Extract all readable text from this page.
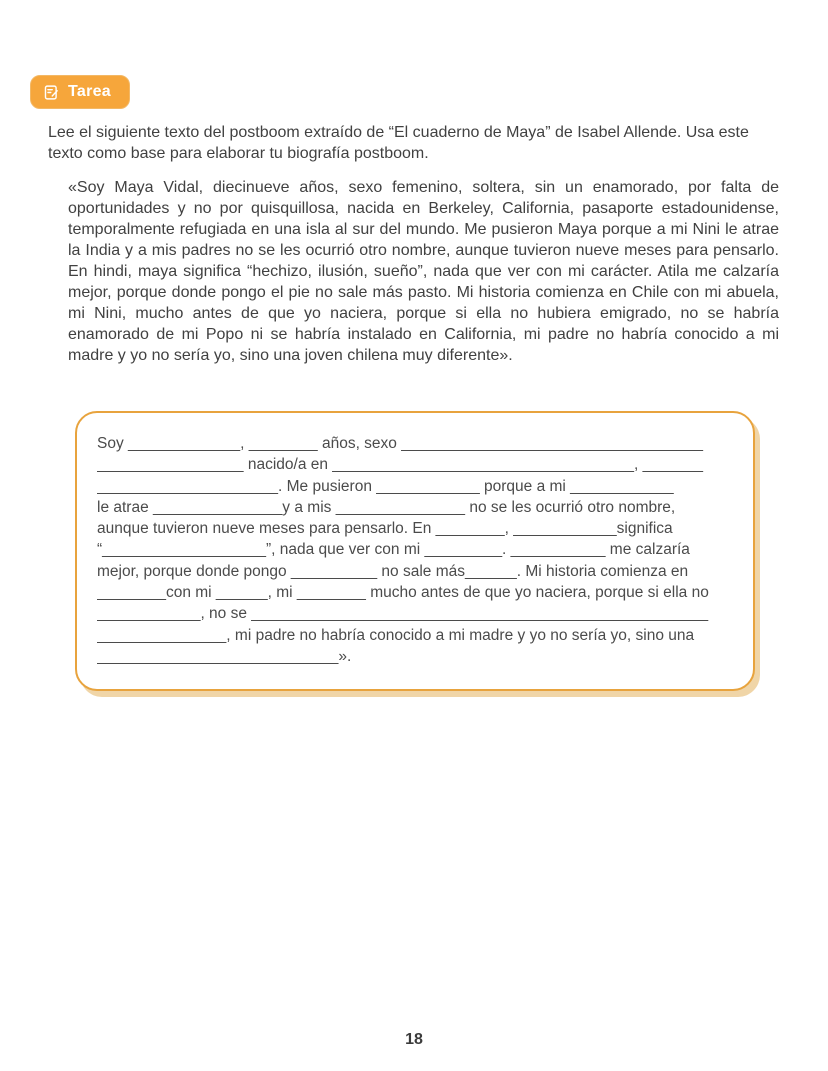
Tarea

Lee el siguiente texto del postboom extraído de “El cuaderno de Maya” de Isabel Allende. Usa este texto como base para elaborar tu biografía postboom.

«Soy Maya Vidal, diecinueve años, sexo femenino, soltera, sin un enamorado, por falta de oportunidades y no por quisquillosa, nacida en Berkeley, California, pasaporte estadounidense, temporalmente refugiada en una isla al sur del mundo. Me pusieron Maya porque a mi Nini le atrae la India y a mis padres no se les ocurrió otro nombre, aunque tuvieron nueve meses para pensarlo. En hindi, maya significa “hechizo, ilusión, sueño”, nada que ver con mi carácter. Atila me calzaría mejor, porque donde pongo el pie no sale más pasto. Mi historia comienza en Chile con mi abuela, mi Nini, mucho antes de que yo naciera, porque si ella no hubiera emigrado, no se habría enamorado de mi Popo ni se habría instalado en California, mi padre no habría conocido a mi madre y yo no sería yo, sino una joven chilena muy diferente».

Soy _____________, ________ años, sexo ___________________________________
_________________ nacido/a en ___________________________________, _______
_____________________. Me pusieron ____________ porque a mi ____________
le atrae _______________y a mis _______________ no se les ocurrió otro nombre,
aunque tuvieron nueve meses para pensarlo. En ________, ____________significa
“___________________”, nada que ver con mi _________. ___________ me calzaría
mejor, porque donde pongo __________ no sale más______. Mi historia comienza en
________con mi ______, mi ________ mucho antes de que yo naciera, porque si ella no
____________, no se _____________________________________________________
_______________, mi padre no habría conocido a mi madre y yo no sería yo, sino una
____________________________».
18
